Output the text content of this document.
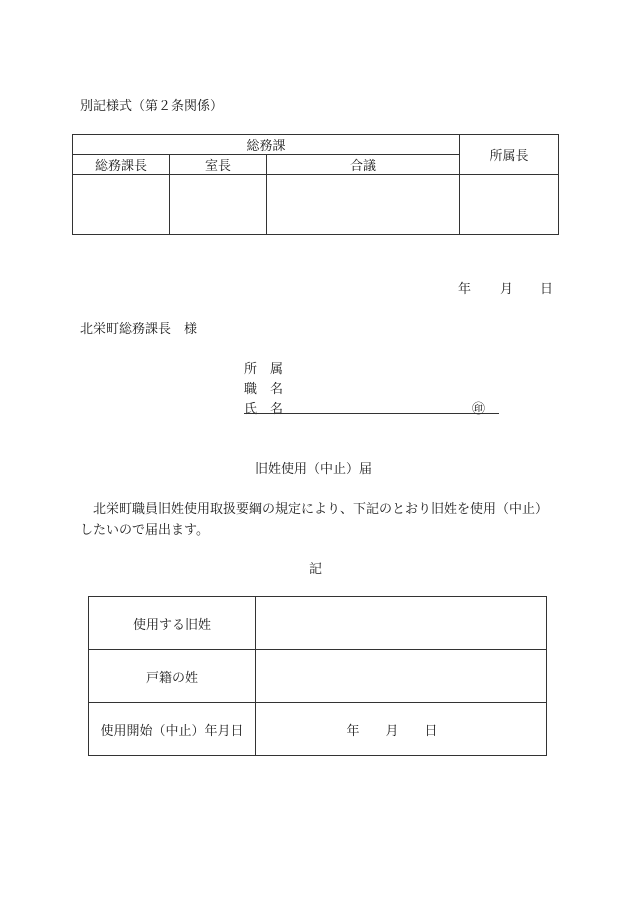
別記様式（第２条関係）
総務課			所属長
総務課長	室長	合議	

年 月 日
北栄町総務課長　様
所 属
職 名
氏 名	㊞
旧姓使用（中止）届
北栄町職員旧姓使用取扱要綱の規定により、下記のとおり旧姓を使用（中止）
したいので届出ます。
記
使用する旧姓	
戸籍の姓	
使用開始（中止）年月日	年　　月　　日
